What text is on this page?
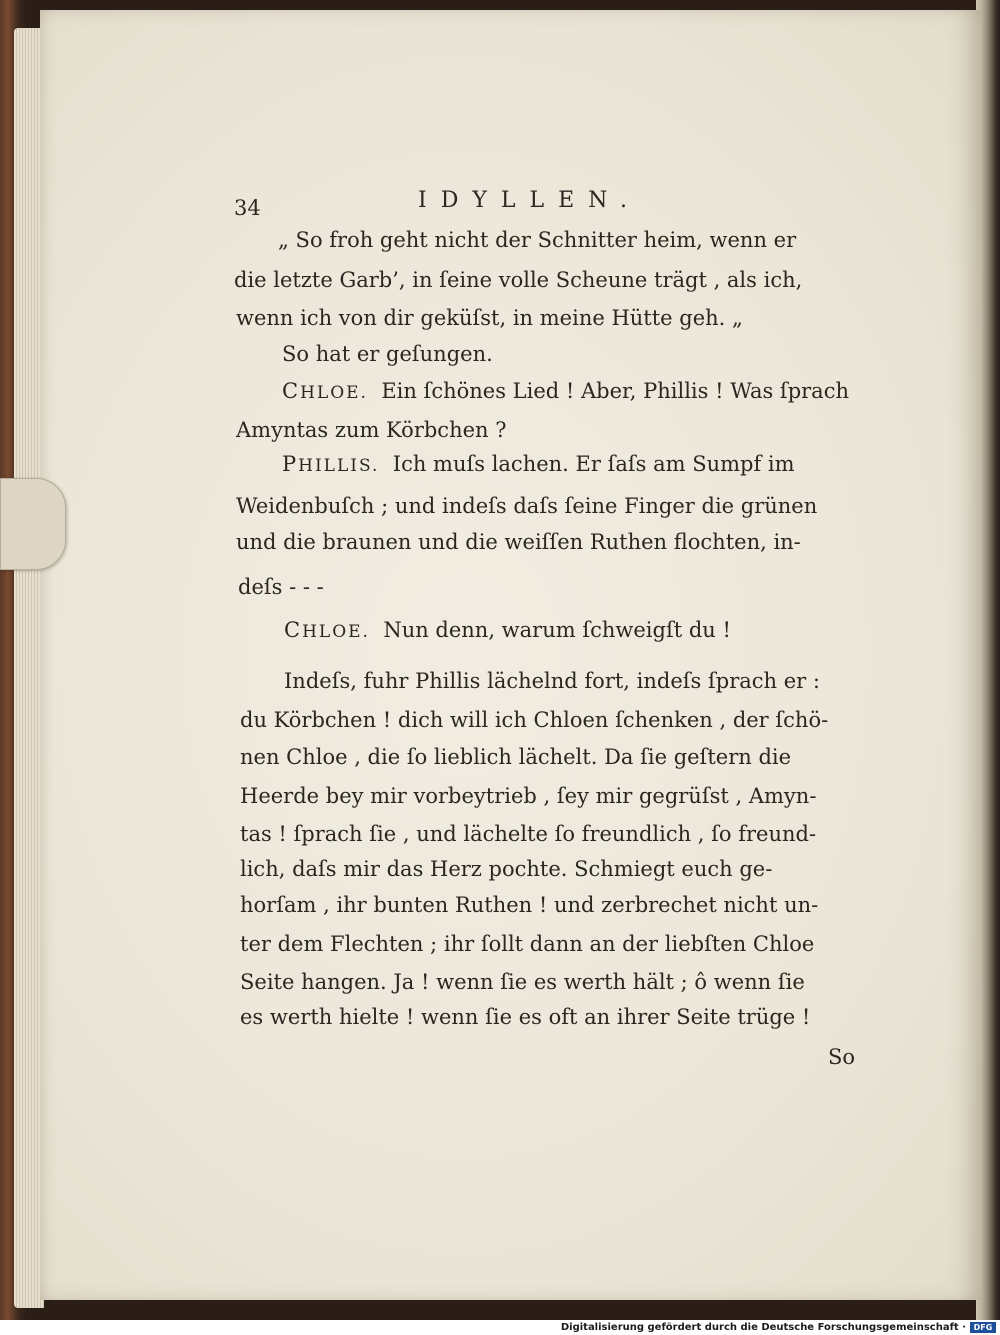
34	IDYLLEN.
„ So froh geht nicht der Schnitter heim, wenn er
die letzte Garb’, in ſeine volle Scheune trägt , als ich,
wenn ich von dir geküſst, in meine Hütte geh. „
So hat er geſungen.
CHLOE. Ein ſchönes Lied ! Aber, Phillis ! Was ſprach
Amyntas zum Körbchen ?
PHILLIS. Ich muſs lachen. Er ſaſs am Sumpf im
Weidenbuſch ; und indeſs daſs ſeine Finger die grünen
und die braunen und die weiſſen Ruthen flochten, in-
deſs - - -
CHLOE. Nun denn, warum ſchweigſt du !
Indeſs, fuhr Phillis lächelnd fort, indeſs ſprach er :
du Körbchen ! dich will ich Chloen ſchenken , der ſchö-
nen Chloe , die ſo lieblich lächelt. Da ſie geſtern die
Heerde bey mir vorbeytrieb , ſey mir gegrüſst , Amyn-
tas ! ſprach ſie , und lächelte ſo freundlich , ſo freund-
lich, daſs mir das Herz pochte. Schmiegt euch ge-
horſam , ihr bunten Ruthen ! und zerbrechet nicht un-
ter dem Flechten ; ihr ſollt dann an der liebſten Chloe
Seite hangen. Ja ! wenn ſie es werth hält ; ô wenn ſie
es werth hielte ! wenn ſie es oft an ihrer Seite trüge !
So
Digitalisierung gefördert durch die Deutsche Forschungsgemeinschaft · DFG
